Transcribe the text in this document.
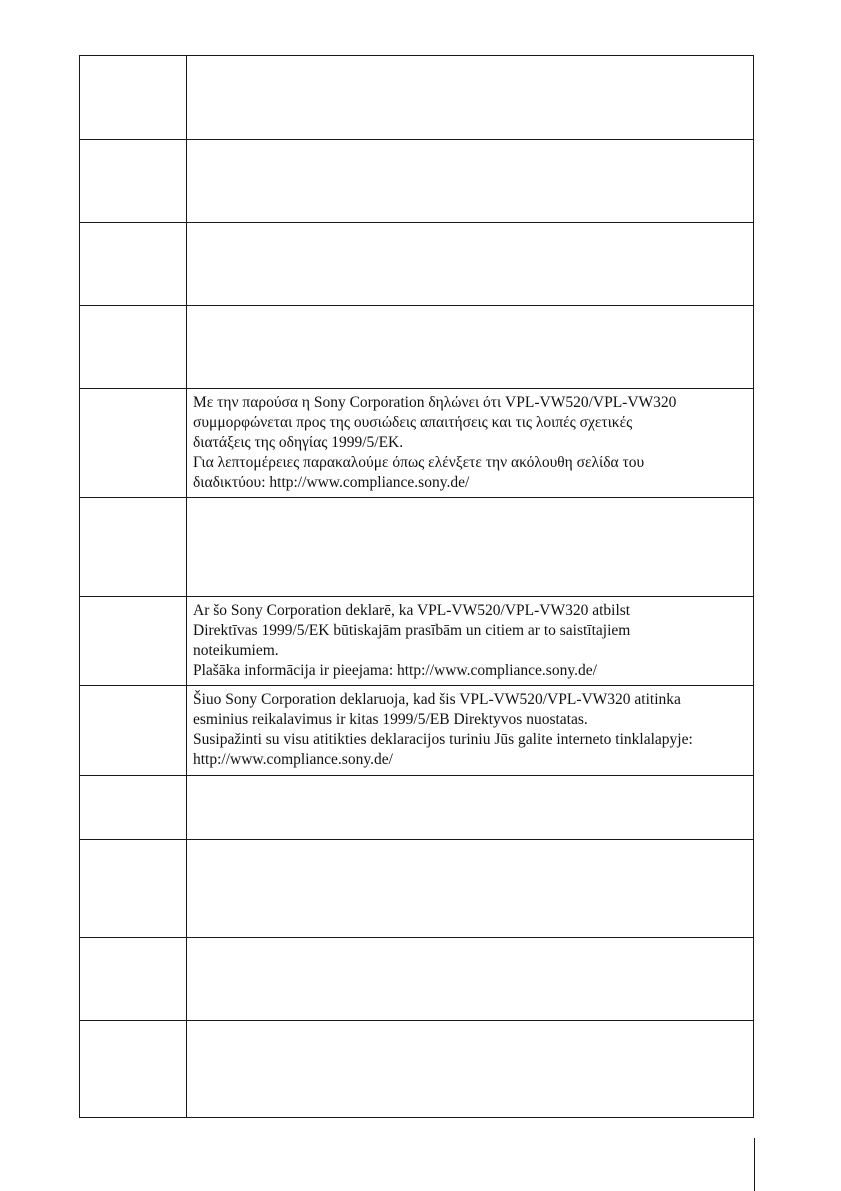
	Με την παρούσα η Sony Corporation δηλώνει ότι VPL-VW520/VPL-VW320
συμμορφώνεται προς της ουσιώδεις απαιτήσεις και τις λοιπές σχετικές
διατάξεις της οδηγίας 1999/5/ΕΚ.
Για λεπτομέρειες παρακαλούμε όπως ελένξετε την ακόλουθη σελίδα του
διαδικτύου: http://www.compliance.sony.de/

	Ar šo Sony Corporation deklarē, ka VPL-VW520/VPL-VW320 atbilst
Direktīvas 1999/5/EK būtiskajām prasībām un citiem ar to saistītajiem
noteikumiem.
Plašāka informācija ir pieejama: http://www.compliance.sony.de/

	Šiuo Sony Corporation deklaruoja, kad šis VPL-VW520/VPL-VW320 atitinka
esminius reikalavimus ir kitas 1999/5/EB Direktyvos nuostatas.
Susipažinti su visu atitikties deklaracijos turiniu Jūs galite interneto tinklalapyje:
http://www.compliance.sony.de/
